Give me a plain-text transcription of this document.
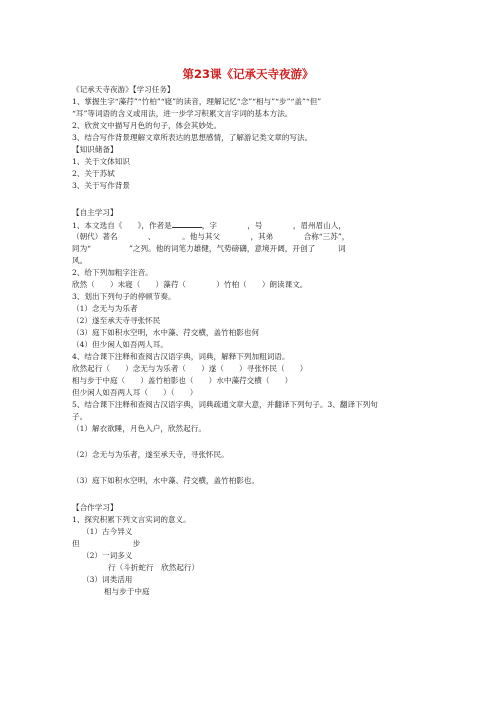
第23课《记承天寺夜游》
《记承天寺夜游》【学习任务】
1、掌握生字“藻荇”“竹柏”“寝”的读音，理解记忆“念”“相与”“步”“盖”“但”
“耳”等词语的含义或用法，进一步学习积累文言字词的基本方法。
2、欣赏文中描写月色的句子，体会其妙处。
3、结合写作背景理解文章所表达的思想感情，了解游记类文章的写法。
【知识储备】
1、关于文体知识
2、关于苏轼
3、关于写作背景
【自主学习】
1、本文选自《　　》，作者是	，字　　　　，号　　　　，眉州眉山人，
（朝代）著名　　　　、　　　　。他与其父　　　　，其弟　　　　合称“三苏”，
同为“　　　　　”之列。他的词笔力雄健，气势磅礴，意境开阔，开创了　　　词
风。
2、给下列加粗字注音。
欣然（　　）未寝（　　）藻荇（　　　　）竹柏（　　）朗读课文。
3、划出下列句子的停顿节奏。
（1）念无与为乐者
（2）遂至承天寺寻张怀民
（3）庭下如积水空明，水中藻、荇交横，盖竹柏影也何
（4）但少闲人如吾两人耳。
4、结合课下注释和查阅古汉语字典，词典，解释下列加粗词语。
欣然起行（　　）念无与为乐者（　　）遂（　　）寻张怀民（　　）
相与步于中庭（　　）盖竹柏影也（　　）水中藻荇交横（　　）
但少闲人如吾两人耳（　　）（　　）
5、结合课下注释和查阅古汉语字典，词典疏通文章大意，并翻译下列句子。3、翻译下列句
子。
（1）解衣欲睡，月色入户，欣然起行。
（2）念无与为乐者，遂至承天寺，寻张怀民。
（3）庭下如积水空明，水中藻、荇交横，盖竹柏影也。
【合作学习】
1、探究积累下列文言实词的意义。
（1）古今异义
但　　　　　　　步
（2）一词多义
行（斗折蛇行　欣然起行）
（3）词类活用
相与步于中庭
